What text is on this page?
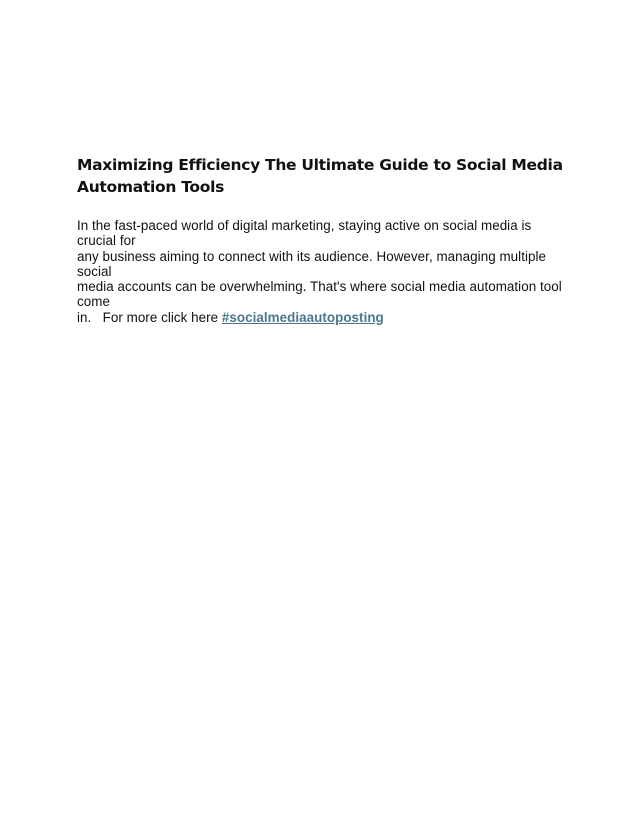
Maximizing Efficiency The Ultimate Guide to Social Media Automation Tools

In the fast-paced world of digital marketing, staying active on social media is crucial for
any business aiming to connect with its audience. However, managing multiple social
media accounts can be overwhelming. That's where social media automation tool come
in.   For more click here #socialmediaautoposting
